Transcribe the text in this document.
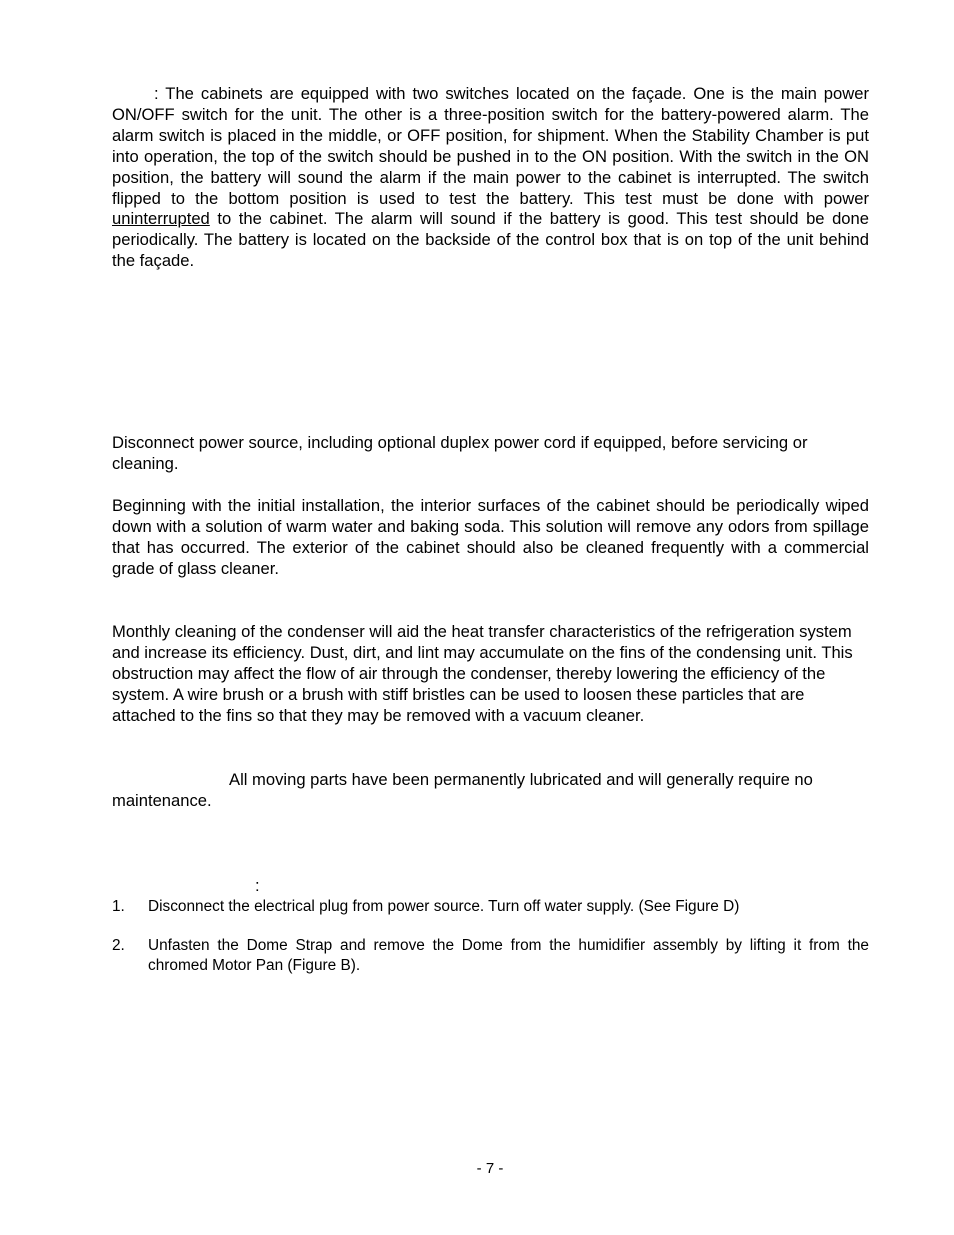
: The cabinets are equipped with two switches located on the façade. One is the main power ON/OFF switch for the unit. The other is a three-position switch for the battery-powered alarm. The alarm switch is placed in the middle, or OFF position, for shipment. When the Stability Chamber is put into operation, the top of the switch should be pushed in to the ON position. With the switch in the ON position, the battery will sound the alarm if the main power to the cabinet is interrupted. The switch flipped to the bottom position is used to test the battery. This test must be done with power uninterrupted to the cabinet. The alarm will sound if the battery is good. This test should be done periodically. The battery is located on the backside of the control box that is on top of the unit behind the façade.

Disconnect power source, including optional duplex power cord if equipped, before servicing or cleaning.

Beginning with the initial installation, the interior surfaces of the cabinet should be periodically wiped down with a solution of warm water and baking soda. This solution will remove any odors from spillage that has occurred. The exterior of the cabinet should also be cleaned frequently with a commercial grade of glass cleaner.

Monthly cleaning of the condenser will aid the heat transfer characteristics of the refrigeration system and increase its efficiency. Dust, dirt, and lint may accumulate on the fins of the condensing unit. This obstruction may affect the flow of air through the condenser, thereby lowering the efficiency of the system. A wire brush or a brush with stiff bristles can be used to loosen these particles that are attached to the fins so that they may be removed with a vacuum cleaner.

All moving parts have been permanently lubricated and will generally require no maintenance.

:
1. Disconnect the electrical plug from power source. Turn off water supply. (See Figure D)
2. Unfasten the Dome Strap and remove the Dome from the humidifier assembly by lifting it from the chromed Motor Pan (Figure B).
- 7 -
